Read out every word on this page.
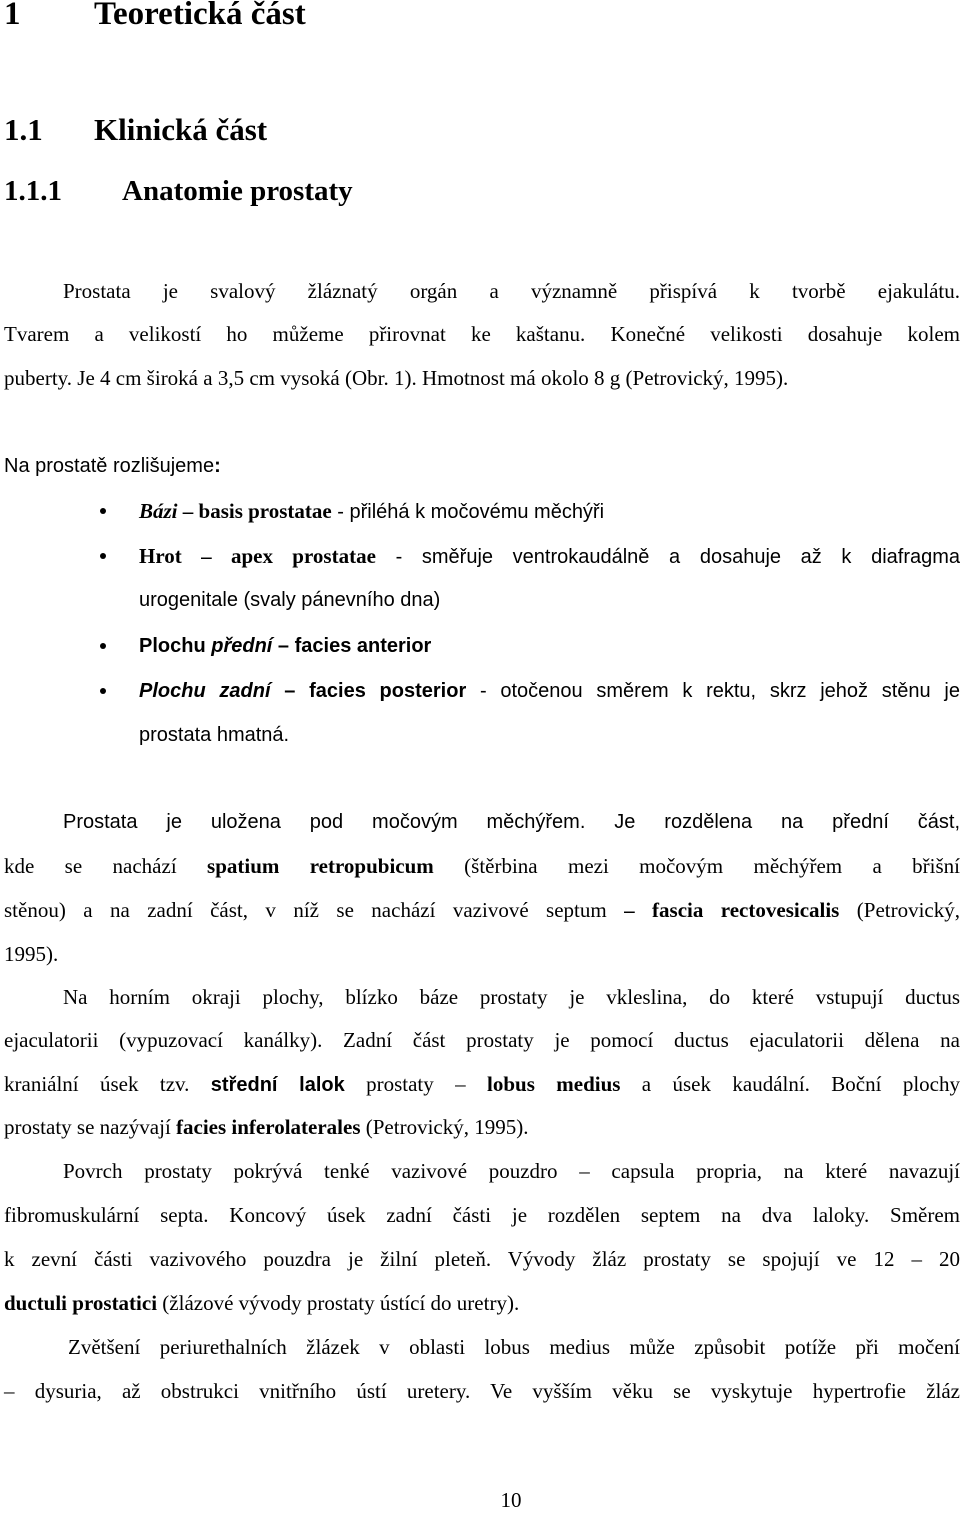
1 Teoretická část
1.1 Klinická část
1.1.1 Anatomie prostaty
Prostata je svalový žláznatý orgán a významně přispívá k tvorbě ejakulátu.
Tvarem a velikostí ho můžeme přirovnat ke kaštanu. Konečné velikosti dosahuje kolem
puberty. Je 4 cm široká a 3,5 cm vysoká (Obr. 1). Hmotnost má okolo 8 g (Petrovický, 1995).
Na prostatě rozlišujeme:
Bázi – basis prostatae - přiléhá k močovému měchýři
Hrot – apex prostatae - směřuje ventrokaudálně a dosahuje až k diafragma
urogenitale (svaly pánevního dna)
Plochu přední – facies anterior
Plochu zadní – facies posterior - otočenou směrem k rektu, skrz jehož stěnu je
prostata hmatná.
Prostata je uložena pod močovým měchýřem. Je rozdělena na přední část,
kde se nachází spatium retropubicum (štěrbina mezi močovým měchýřem a břišní
stěnou) a na zadní část, v níž se nachází vazivové septum – fascia rectovesicalis (Petrovický,
1995).
Na horním okraji plochy, blízko báze prostaty je vkleslina, do které vstupují ductus
ejaculatorii (vypuzovací kanálky). Zadní část prostaty je pomocí ductus ejaculatorii dělena na
kraniální úsek tzv. střední lalok prostaty – lobus medius a úsek kaudální. Boční plochy
prostaty se nazývají facies inferolaterales (Petrovický, 1995).
Povrch prostaty pokrývá tenké vazivové pouzdro – capsula propria, na které navazují
fibromuskulární septa. Koncový úsek zadní části je rozdělen septem na dva laloky. Směrem
k zevní části vazivového pouzdra je žilní pleteň. Vývody žláz prostaty se spojují ve 12 – 20
ductuli prostatici (žlázové vývody prostaty ústící do uretry).
Zvětšení periurethalních žlázek v oblasti lobus medius může způsobit potíže při močení
– dysuria, až obstrukci vnitřního ústí uretery. Ve vyšším věku se vyskytuje hypertrofie žláz
10
